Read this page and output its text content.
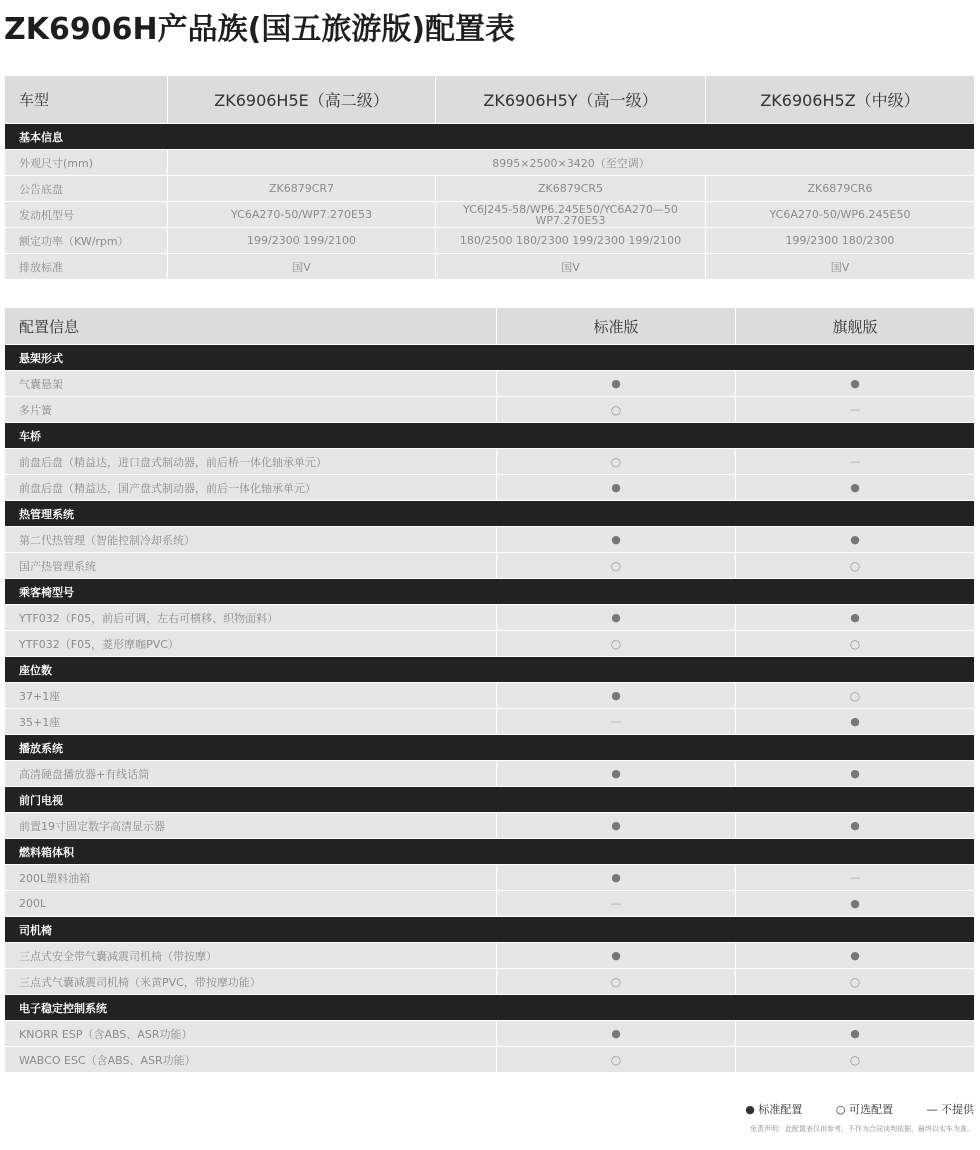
ZK6906H产品族(国五旅游版)配置表
车型	ZK6906H5E（高二级）	ZK6906H5Y（高一级）	ZK6906H5Z（中级）
基本信息			
外观尺寸(mm)	8995×2500×3420（至空调）		
公告底盘	ZK6879CR7	ZK6879CR5	ZK6879CR6
发动机型号	YC6A270-50/WP7.270E53	YC6J245-58/WP6.245E50/YC6A270—50 WP7.270E53	YC6A270-50/WP6.245E50
额定功率（KW/rpm）	199/2300 199/2100	180/2500 180/2300 199/2300 199/2100	199/2300 180/2300
排放标准	国Ⅴ	国Ⅴ	国Ⅴ
配置信息	标准版	旗舰版
悬架形式		
气囊悬架	●	●
多片簧	○	—
车桥		
前盘后盘（精益达，进口盘式制动器，前后桥一体化轴承单元）	○	—
前盘后盘（精益达，国产盘式制动器，前后一体化轴承单元）	●	●
热管理系统		
第二代热管理（智能控制冷却系统）	●	●
国产热管理系统	○	○
乘客椅型号		
YTF032（F05，前后可调，左右可横移、织物面料）	●	●
YTF032（F05，菱形摩咖PVC）	○	○
座位数		
37+1座	●	○
35+1座	—	●
播放系统		
高清硬盘播放器+有线话筒	●	●
前门电视		
前置19寸固定数字高清显示器	●	●
燃料箱体积		
200L塑料油箱	●	—
200L	—	●
司机椅		
三点式安全带气囊减震司机椅（带按摩）	●	●
三点式气囊减震司机椅（米黄PVC，带按摩功能）	○	○
电子稳定控制系统		
KNORR ESP（含ABS、ASR功能）	●	●
WABCO ESC（含ABS、ASR功能）	○	○
● 标准配置	○ 可选配置	— 不提供
免责声明：此配置表仅供参考，不作为合同谈判依据，最终以实车为准。
